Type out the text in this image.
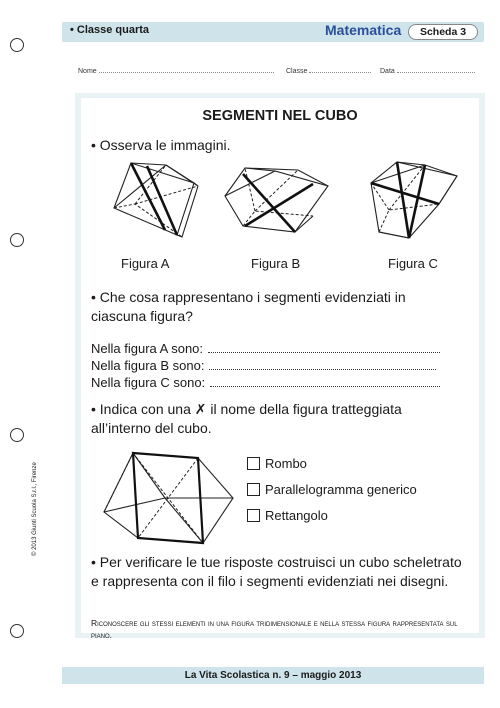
• Classe quarta	Matematica	Scheda 3
Nome	Classe	Data
SEGMENTI NEL CUBO
• Osserva le immagini.
Figura A	Figura B	Figura C
• Che cosa rappresentano i segmenti evidenziati in ciascuna figura?
Nella figura A sono:
Nella figura B sono:
Nella figura C sono:
• Indica con una ✗ il nome della figura tratteggiata all’interno del cubo.
Rombo
Parallelogramma generico
Rettangolo
• Per verificare le tue risposte costruisci un cubo scheletrato e rappresenta con il filo i segmenti evidenziati nei disegni.
Riconoscere gli stessi elementi in una figura tridimensionale e nella stessa figura rappresentata sul piano.
© 2013 Giunti Scuola S.r.l., Firenze
La Vita Scolastica n. 9 – maggio 2013
